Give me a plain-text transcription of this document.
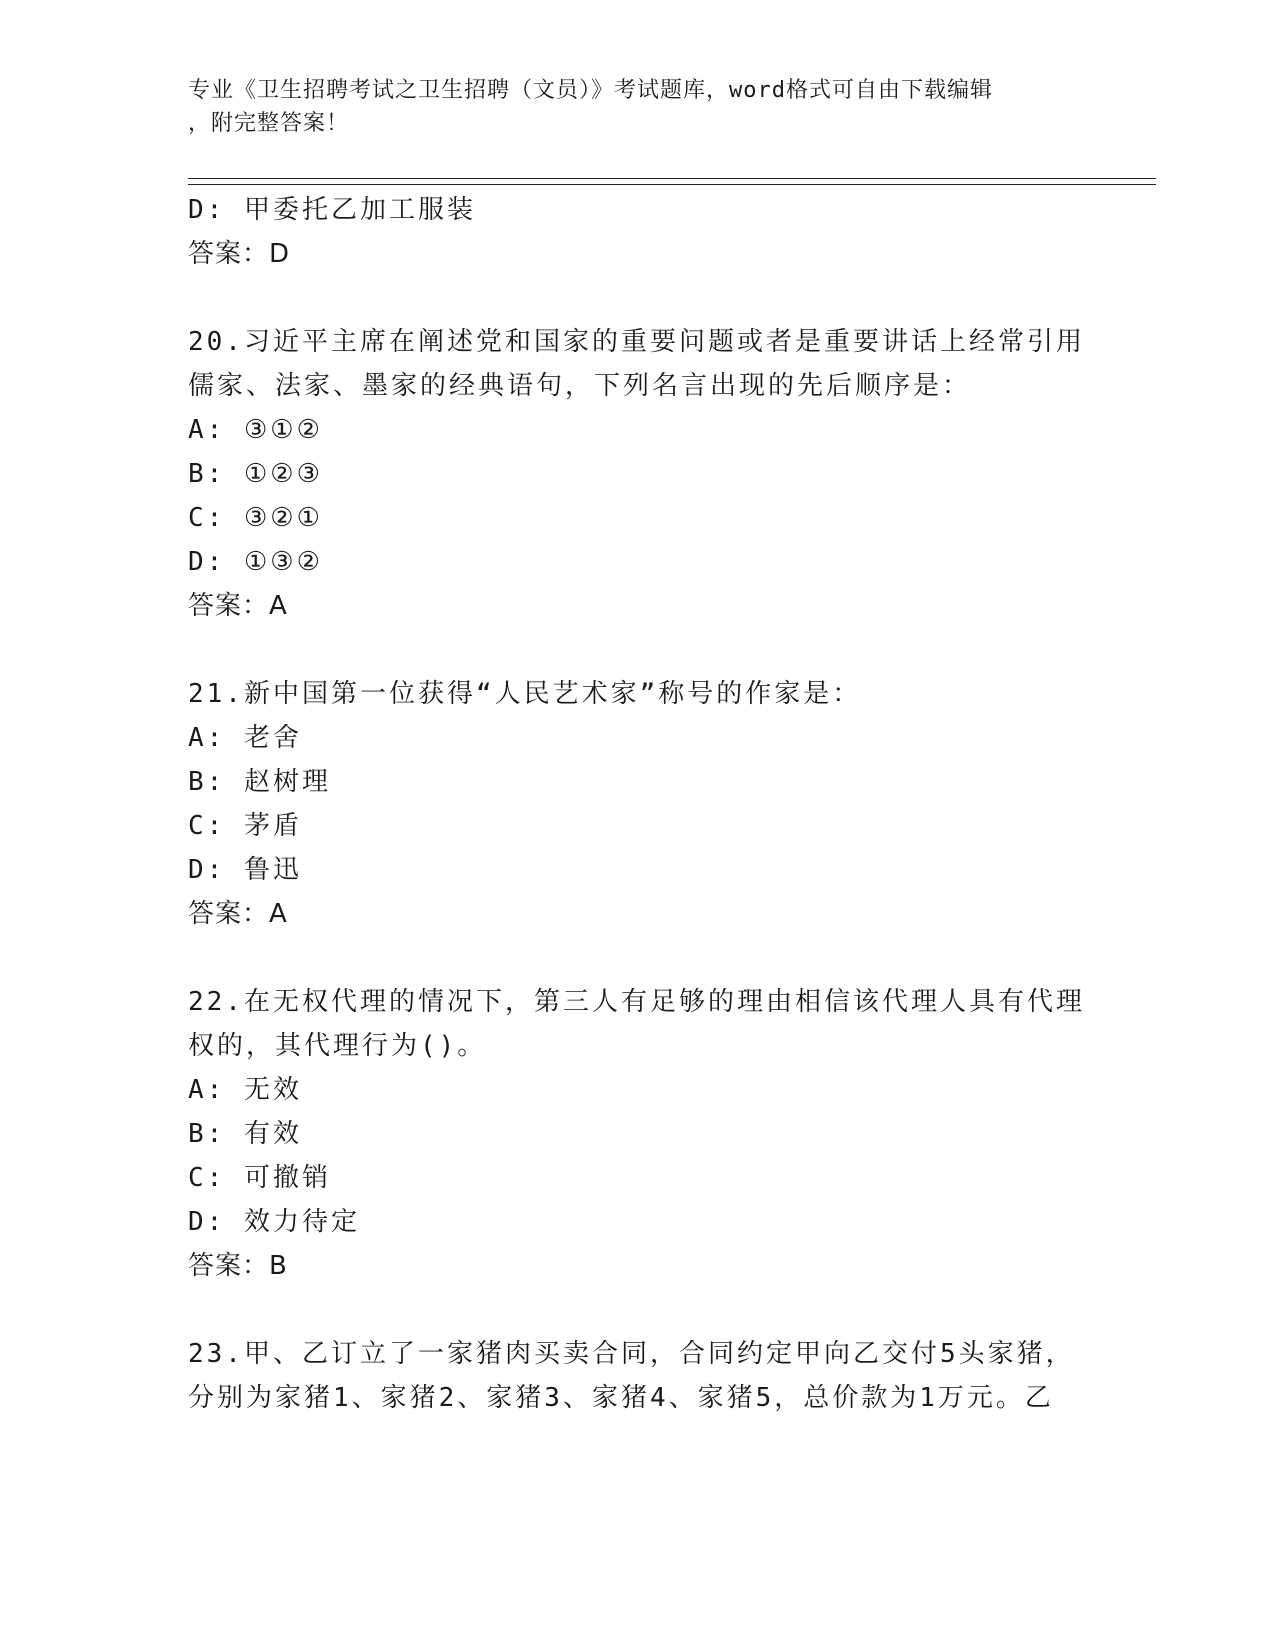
专业《卫生招聘考试之卫生招聘（文员）》考试题库，word格式可自由下载编辑
，附完整答案！
D: 甲委托乙加工服装
答案：D
20.习近平主席在阐述党和国家的重要问题或者是重要讲话上经常引用
儒家、法家、墨家的经典语句，下列名言出现的先后顺序是：
A: ③①②
B: ①②③
C: ③②①
D: ①③②
答案：A
21.新中国第一位获得“人民艺术家”称号的作家是：
A: 老舍
B: 赵树理
C: 茅盾
D: 鲁迅
答案：A
22.在无权代理的情况下，第三人有足够的理由相信该代理人具有代理
权的，其代理行为()。
A: 无效
B: 有效
C: 可撤销
D: 效力待定
答案：B
23.甲、乙订立了一家猪肉买卖合同，合同约定甲向乙交付5头家猪，
分别为家猪1、家猪2、家猪3、家猪4、家猪5，总价款为1万元。乙
